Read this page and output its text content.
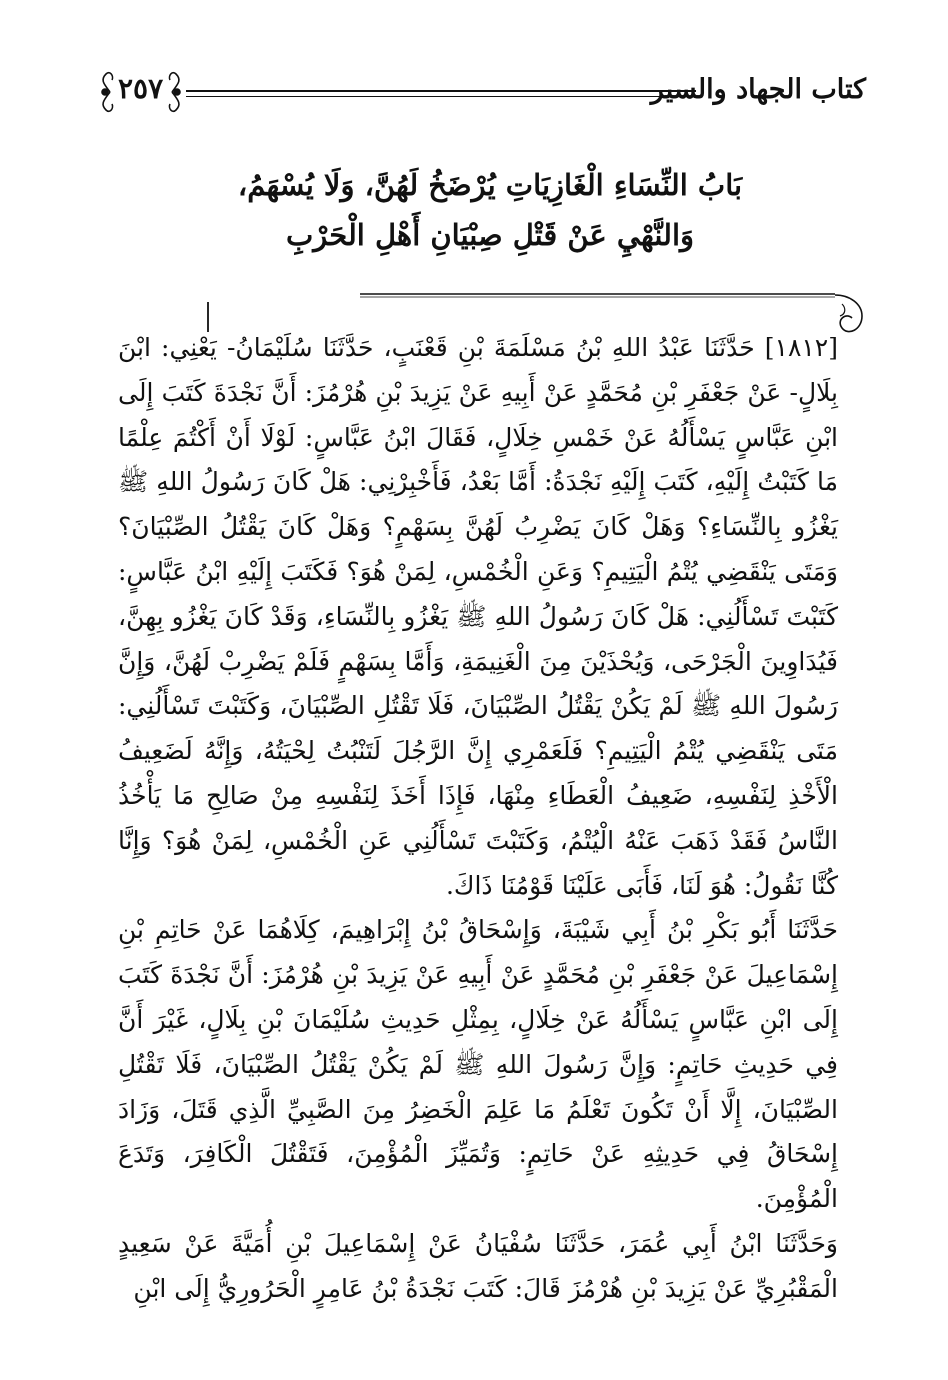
كتاب الجهاد والسير
٢٥٧
بَابُ النِّسَاءِ الْغَازِيَاتِ يُرْضَخُ لَهُنَّ، وَلَا يُسْهَمُ،
وَالنَّهْيِ عَنْ قَتْلِ صِبْيَانِ أَهْلِ الْحَرْبِ

[١٨١٢] حَدَّثَنَا عَبْدُ اللهِ بْنُ مَسْلَمَةَ بْنِ قَعْنَبٍ، حَدَّثَنَا سُلَيْمَانُ- يَعْنِي: ابْنَ بِلَالٍ- عَنْ جَعْفَرِ بْنِ مُحَمَّدٍ عَنْ أَبِيهِ عَنْ يَزِيدَ بْنِ هُرْمُزَ: أَنَّ نَجْدَةَ كَتَبَ إِلَى ابْنِ عَبَّاسٍ يَسْأَلُهُ عَنْ خَمْسِ خِلَالٍ، فَقَالَ ابْنُ عَبَّاسٍ: لَوْلَا أَنْ أَكْتُمَ عِلْمًا مَا كَتَبْتُ إِلَيْهِ، كَتَبَ إِلَيْهِ نَجْدَةُ: أَمَّا بَعْدُ، فَأَخْبِرْنِي: هَلْ كَانَ رَسُولُ اللهِ ﷺ يَغْزُو بِالنِّسَاءِ؟ وَهَلْ كَانَ يَضْرِبُ لَهُنَّ بِسَهْمٍ؟ وَهَلْ كَانَ يَقْتُلُ الصِّبْيَانَ؟ وَمَتَى يَنْقَضِي يُتْمُ الْيَتِيمِ؟ وَعَنِ الْخُمْسِ، لِمَنْ هُوَ؟ فَكَتَبَ إِلَيْهِ ابْنُ عَبَّاسٍ: كَتَبْتَ تَسْأَلُنِي: هَلْ كَانَ رَسُولُ اللهِ ﷺ يَغْزُو بِالنِّسَاءِ، وَقَدْ كَانَ يَغْزُو بِهِنَّ، فَيُدَاوِينَ الْجَرْحَى، وَيُحْذَيْنَ مِنَ الْغَنِيمَةِ، وَأَمَّا بِسَهْمٍ فَلَمْ يَضْرِبْ لَهُنَّ، وَإِنَّ رَسُولَ اللهِ ﷺ لَمْ يَكُنْ يَقْتُلُ الصِّبْيَانَ، فَلَا تَقْتُلِ الصِّبْيَانَ، وَكَتَبْتَ تَسْأَلُنِي: مَتَى يَنْقَضِي يُتْمُ الْيَتِيمِ؟ فَلَعَمْرِي إِنَّ الرَّجُلَ لَتَنْبُتُ لِحْيَتُهُ، وَإِنَّهُ لَضَعِيفُ الْأَخْذِ لِنَفْسِهِ، ضَعِيفُ الْعَطَاءِ مِنْهَا، فَإِذَا أَخَذَ لِنَفْسِهِ مِنْ صَالِحِ مَا يَأْخُذُ النَّاسُ فَقَدْ ذَهَبَ عَنْهُ الْيُتْمُ، وَكَتَبْتَ تَسْأَلُنِي عَنِ الْخُمْسِ، لِمَنْ هُوَ؟ وَإِنَّا كُنَّا نَقُولُ: هُوَ لَنَا، فَأَبَى عَلَيْنَا قَوْمُنَا ذَاكَ.

حَدَّثَنَا أَبُو بَكْرِ بْنُ أَبِي شَيْبَةَ، وَإِسْحَاقُ بْنُ إِبْرَاهِيمَ، كِلَاهُمَا عَنْ حَاتِمِ بْنِ إِسْمَاعِيلَ عَنْ جَعْفَرِ بْنِ مُحَمَّدٍ عَنْ أَبِيهِ عَنْ يَزِيدَ بْنِ هُرْمُزَ: أَنَّ نَجْدَةَ كَتَبَ إِلَى ابْنِ عَبَّاسٍ يَسْأَلُهُ عَنْ خِلَالٍ، بِمِثْلِ حَدِيثِ سُلَيْمَانَ بْنِ بِلَالٍ، غَيْرَ أَنَّ فِي حَدِيثِ حَاتِمٍ: وَإِنَّ رَسُولَ اللهِ ﷺ لَمْ يَكُنْ يَقْتُلُ الصِّبْيَانَ، فَلَا تَقْتُلِ الصِّبْيَانَ، إِلَّا أَنْ تَكُونَ تَعْلَمُ مَا عَلِمَ الْخَضِرُ مِنَ الصَّبِيِّ الَّذِي قَتَلَ، وَزَادَ إِسْحَاقُ فِي حَدِيثِهِ عَنْ حَاتِمٍ: وَتُمَيِّزَ الْمُؤْمِنَ، فَتَقْتُلَ الْكَافِرَ، وَتَدَعَ الْمُؤْمِنَ.

وَحَدَّثَنَا ابْنُ أَبِي عُمَرَ، حَدَّثَنَا سُفْيَانُ عَنْ إِسْمَاعِيلَ بْنِ أُمَيَّةَ عَنْ سَعِيدٍ الْمَقْبُرِيِّ عَنْ يَزِيدَ بْنِ هُرْمُزَ قَالَ: كَتَبَ نَجْدَةُ بْنُ عَامِرٍ الْحَرُورِيُّ إِلَى ابْنِ
